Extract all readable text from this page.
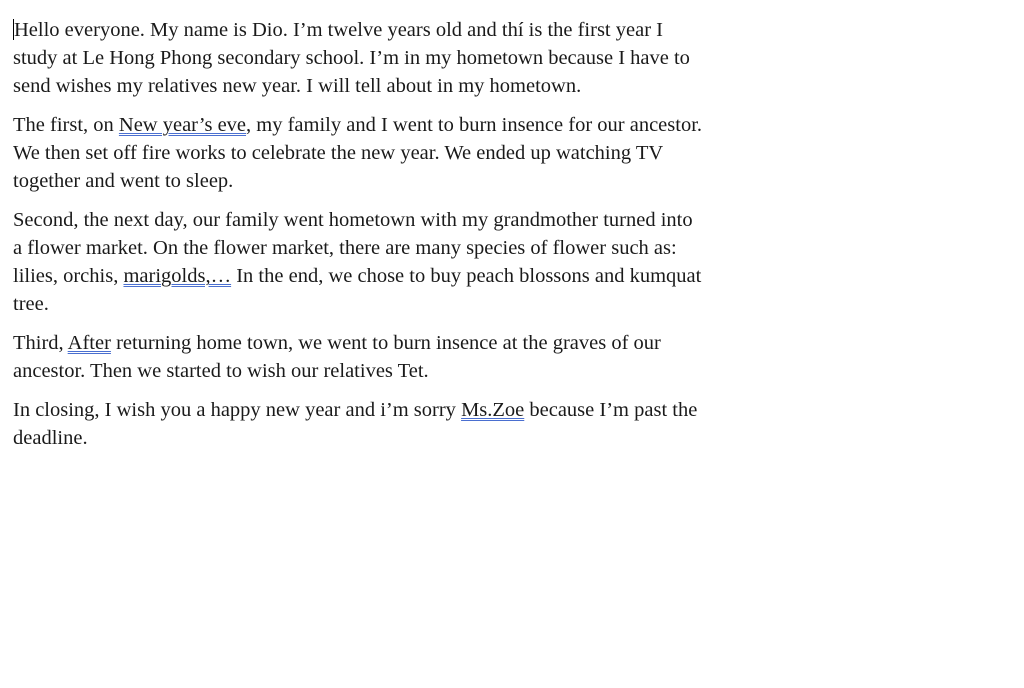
Hello everyone. My name is Dio. I’m twelve years old and thí is the first year I study at Le Hong Phong secondary school. I’m in my hometown because I have to send wishes my relatives new year. I will tell about in my hometown.

The first, on New year’s eve, my family and I went to burn insence for our ancestor. We then set off fire works to celebrate the new year. We ended up watching TV together and went to sleep.

Second, the next day, our family went hometown with my grandmother turned into a flower market. On the flower market, there are many species of flower such as: lilies, orchis, marigolds,… In the end, we chose to buy peach blossons and kumquat tree.

Third, After returning home town, we went to burn insence at the graves of our ancestor. Then we started to wish our relatives Tet.

In closing, I wish you a happy new year and i’m sorry Ms.Zoe because I’m past the deadline.
